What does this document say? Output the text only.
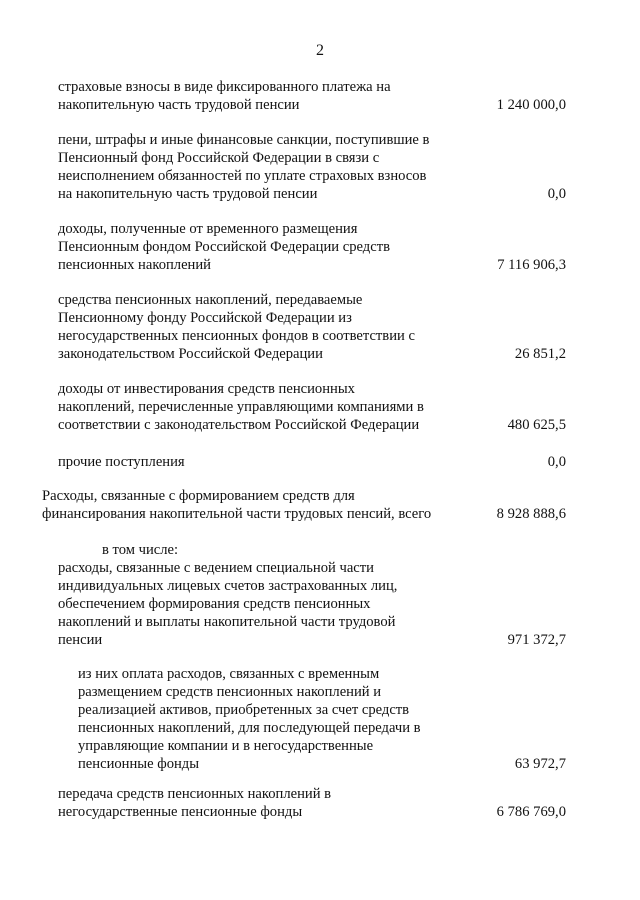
2
страховые взносы в виде фиксированного платежа на
накопительную часть трудовой пенсии	1 240 000,0
пени, штрафы и иные финансовые санкции, поступившие в
Пенсионный фонд Российской Федерации в связи с
неисполнением обязанностей по уплате страховых взносов
на накопительную часть трудовой пенсии	0,0
доходы, полученные от временного размещения
Пенсионным фондом Российской Федерации средств
пенсионных накоплений	7 116 906,3
средства пенсионных накоплений, передаваемые
Пенсионному фонду Российской Федерации из
негосударственных пенсионных фондов в соответствии с
законодательством Российской Федерации	26 851,2
доходы от инвестирования средств пенсионных
накоплений, перечисленные управляющими компаниями в
соответствии с законодательством Российской Федерации	480 625,5
прочие поступления	0,0
Расходы, связанные с формированием средств для
финансирования накопительной части трудовых пенсий, всего	8 928 888,6
в том числе:
расходы, связанные с ведением специальной части
индивидуальных лицевых счетов застрахованных лиц,
обеспечением формирования средств пенсионных
накоплений и выплаты накопительной части трудовой
пенсии	971 372,7
из них оплата расходов, связанных с временным
размещением средств пенсионных накоплений и
реализацией активов, приобретенных за счет средств
пенсионных накоплений, для последующей передачи в
управляющие компании и в негосударственные
пенсионные фонды	63 972,7
передача средств пенсионных накоплений в
негосударственные пенсионные фонды	6 786 769,0
